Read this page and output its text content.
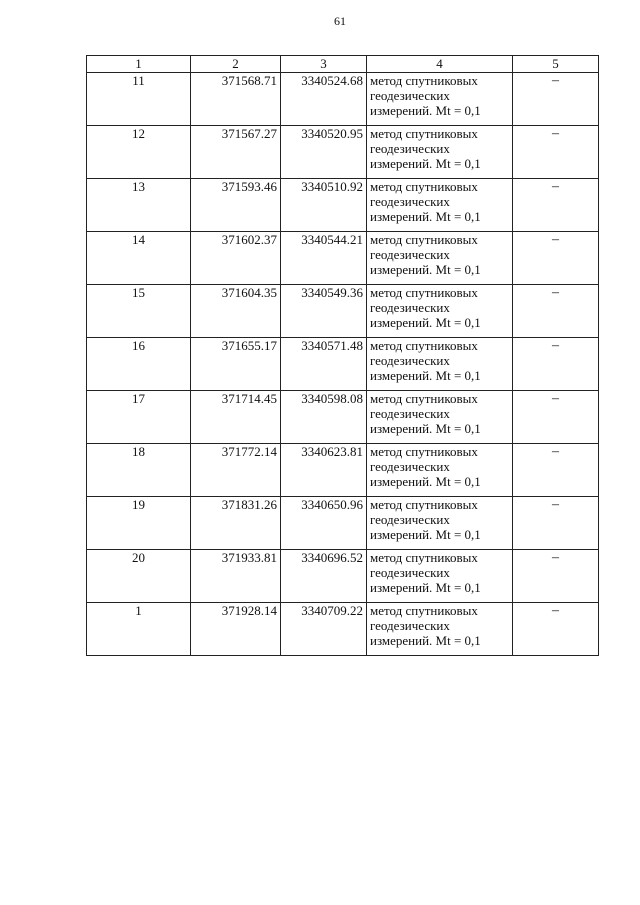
61
1	2	3	4	5
11	371568.71	3340524.68	метод спутниковых геодезических измерений. Mt = 0,1	–
12	371567.27	3340520.95	метод спутниковых геодезических измерений. Mt = 0,1	–
13	371593.46	3340510.92	метод спутниковых геодезических измерений. Mt = 0,1	–
14	371602.37	3340544.21	метод спутниковых геодезических измерений. Mt = 0,1	–
15	371604.35	3340549.36	метод спутниковых геодезических измерений. Mt = 0,1	–
16	371655.17	3340571.48	метод спутниковых геодезических измерений. Mt = 0,1	–
17	371714.45	3340598.08	метод спутниковых геодезических измерений. Mt = 0,1	–
18	371772.14	3340623.81	метод спутниковых геодезических измерений. Mt = 0,1	–
19	371831.26	3340650.96	метод спутниковых геодезических измерений. Mt = 0,1	–
20	371933.81	3340696.52	метод спутниковых геодезических измерений. Mt = 0,1	–
1	371928.14	3340709.22	метод спутниковых геодезических измерений. Mt = 0,1	–
